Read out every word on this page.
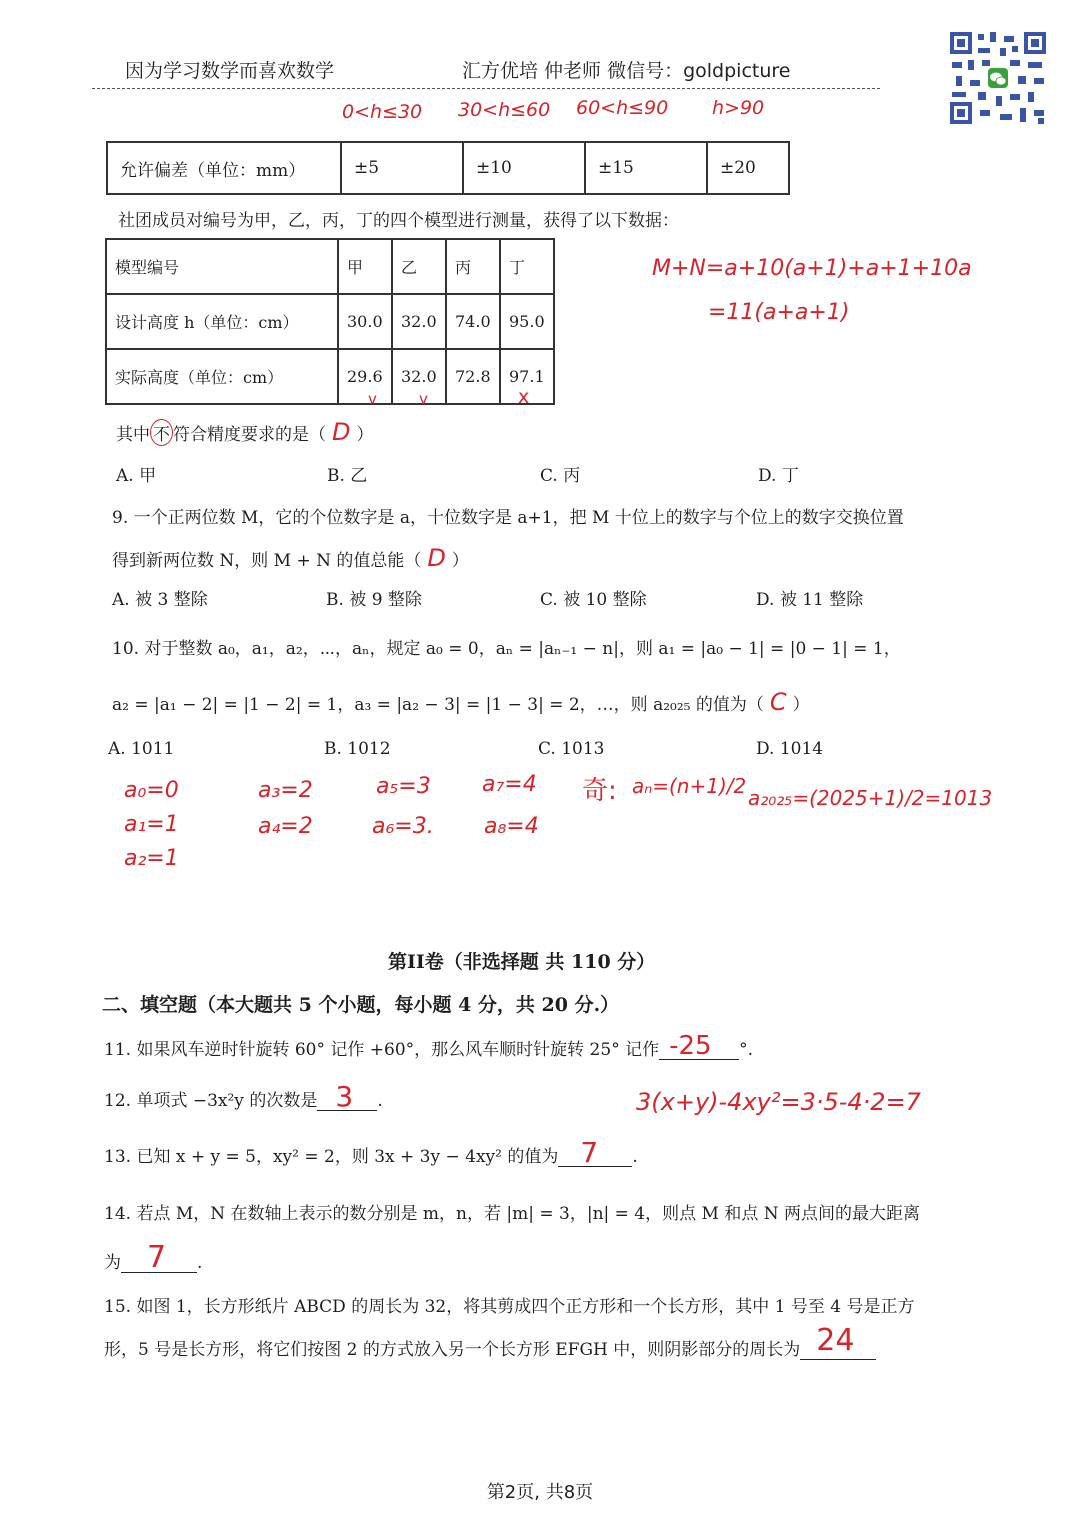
因为学习数学而喜欢数学	汇方优培 仲老师 微信号：goldpicture
0<h≤30 30<h≤60 60<h≤90 h>90
允许偏差（单位：mm）	±5	±10	±15	±20
社团成员对编号为甲，乙，丙，丁的四个模型进行测量，获得了以下数据：
模型编号	甲	乙	丙	丁
设计高度 h（单位：cm）	30.0	32.0	74.0	95.0
实际高度（单位：cm）	29.6	32.0	72.8	97.1
v	v	x
M+N=a+10(a+1)+a+1+10a
=11(a+a+1)
其中 不 符合精度要求的是（ D ）
A. 甲	B. 乙	C. 丙	D. 丁
9. 一个正两位数 M，它的个位数字是 a，十位数字是 a+1，把 M 十位上的数字与个位上的数字交换位置
得到新两位数 N，则 M + N 的值总能（ D ）
A. 被 3 整除	B. 被 9 整除	C. 被 10 整除	D. 被 11 整除
10. 对于整数 a₀，a₁，a₂，⋯，aₙ，规定 a₀ = 0，aₙ = |aₙ₋₁ − n|，则 a₁ = |a₀ − 1| = |0 − 1| = 1，
a₂ = |a₁ − 2| = |1 − 2| = 1，a₃ = |a₂ − 3| = |1 − 3| = 2，…，则 a₂₀₂₅ 的值为（ C ）
A. 1011	B. 1012	C. 1013	D. 1014
a₀=0
a₁=1
a₂=1
a₃=2
a₄=2
a₅=3
a₆=3.
a₇=4
a₈=4
奇: aₙ=(n+1)/2 a₂₀₂₅=(2025+1)/2=1013
第II卷（非选择题 共 110 分）
二、填空题（本大题共 5 个小题，每小题 4 分，共 20 分.）
11. 如果风车逆时针旋转 60° 记作 +60°，那么风车顺时针旋转 25° 记作 -25 °.
12. 单项式 −3x²y 的次数是 3 .	3(x+y)-4xy²=3·5-4·2=7
13. 已知 x + y = 5，xy² = 2，则 3x + 3y − 4xy² 的值为 7 .
14. 若点 M，N 在数轴上表示的数分别是 m，n，若 |m| = 3，|n| = 4，则点 M 和点 N 两点间的最大距离
为 7 .
15. 如图 1，长方形纸片 ABCD 的周长为 32，将其剪成四个正方形和一个长方形，其中 1 号至 4 号是正方
形，5 号是长方形，将它们按图 2 的方式放入另一个长方形 EFGH 中，则阴影部分的周长为 24
第2页, 共8页
